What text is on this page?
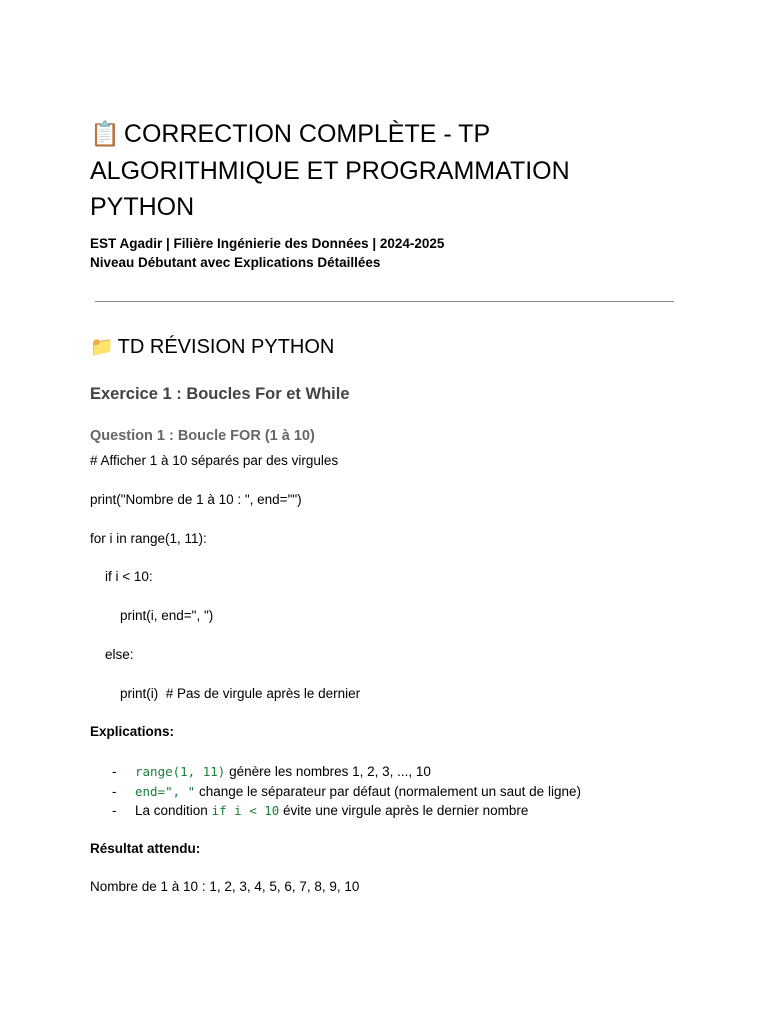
📋 CORRECTION COMPLÈTE - TP ALGORITHMIQUE ET PROGRAMMATION PYTHON
EST Agadir | Filière Ingénierie des Données | 2024-2025
Niveau Débutant avec Explications Détaillées
📁 TD RÉVISION PYTHON
Exercice 1 : Boucles For et While
Question 1 : Boucle FOR (1 à 10)
# Afficher 1 à 10 séparés par des virgules
print("Nombre de 1 à 10 : ", end="")
for i in range(1, 11):
if i < 10:
print(i, end=", ")
else:
print(i)  # Pas de virgule après le dernier
Explications:
- range(1, 11) génère les nombres 1, 2, 3, ..., 10
- end=", " change le séparateur par défaut (normalement un saut de ligne)
- La condition if i < 10 évite une virgule après le dernier nombre
Résultat attendu:
Nombre de 1 à 10 : 1, 2, 3, 4, 5, 6, 7, 8, 9, 10
